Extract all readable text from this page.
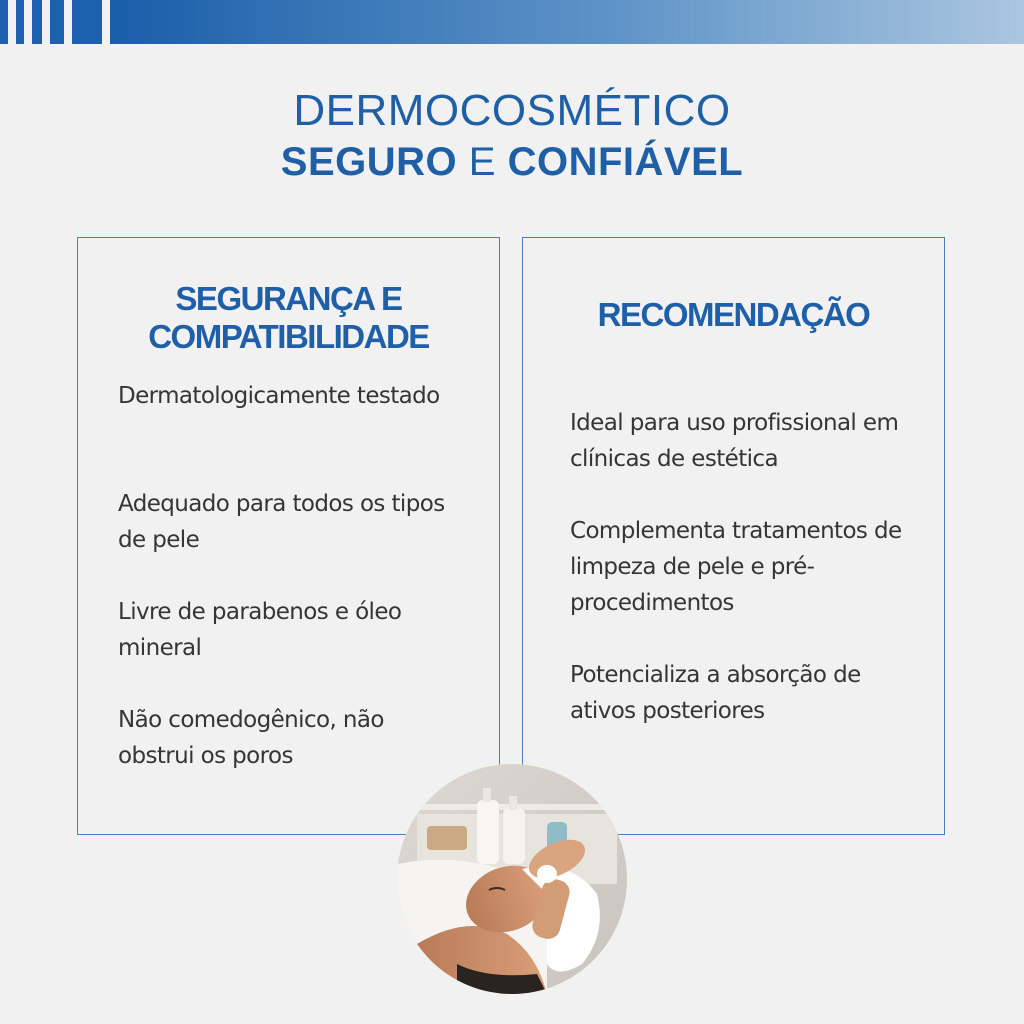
DERMOCOSMÉTICO
SEGURO E CONFIÁVEL
SEGURANÇA E
COMPATIBILIDADE
Dermatologicamente testado
Adequado para todos os tipos de pele
Livre de parabenos e óleo mineral
Não comedogênico, não obstrui os poros
RECOMENDAÇÃO
Ideal para uso profissional em clínicas de estética
Complementa tratamentos de limpeza de pele e pré-procedimentos
Potencializa a absorção de ativos posteriores
